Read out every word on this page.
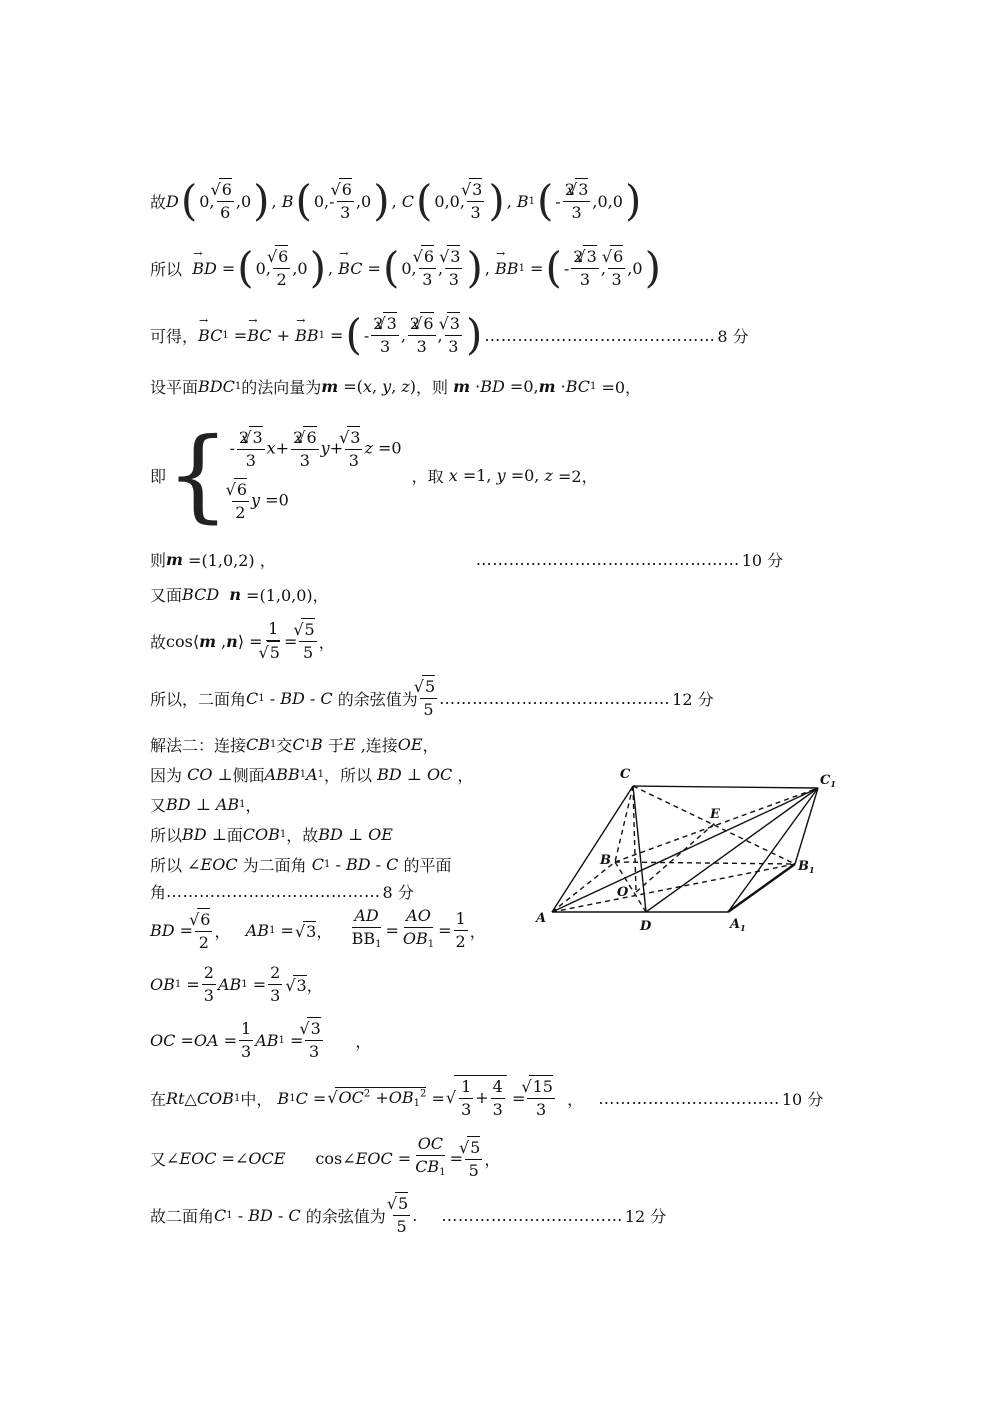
故 D ( 0, √ $\frac{6}{6} ,0$ ) , B ( 0,- √ $\frac{6}{3} ,0$ ) , C ( 0,0, √ $\frac{3}{3}$ ) , B 1 ( - $\frac{2 √ 3}{3} ,0,0$ )
所以
→ BD = ( 0, √ $\frac{6}{2} ,0$ ) , → BC = ( 0, √ $\frac{6}{3}$ , √ $\frac{3}{3}$ ) , → BB 1 = ( - $\frac{2 √ 3}{3}$ , √ $\frac{6}{3} ,0$ )
可得， → BC 1 = → BC + → BB 1 = ( - $\frac{2 √ 3}{3}$ , $\frac{2 √ 6}{3}$ , √ $\frac{3}{3}$ ) …………………………………… 8 分
设平面 BDC 1 的法向量为 m =( x , y , z ) ，则
m · BD =0, m · BC 1 =0，
即 { - $\frac{2 √ 3}{3} x+ \frac{2 √ 6}{3} y+$ √ $\frac{3}{3}$ z =0
√ $\frac{6}{2}$ y =0
，取
x =1, y =0, z =2，
则 m =(1,0,2) ，	………………………………………… 10 分
又面 BCD
n =(1,0,0)，
故 cos⟨ m , n ⟩ = 1
√ 5 = √ $\frac{5}{5}$ ，
所以，二面角 C 1 - BD - C
的余弦值为 √ $\frac{5}{5}$ …………………………………… 12 分
解法二：连接 CB 1 交 C 1 B
于 E
,连接 OE ，
因为
CO ⊥ 侧面 ABB 1 A 1 ，所以
BD ⊥ OC ，
又 BD ⊥ AB 1 ，
所以 BD ⊥ 面 COB 1 ，故 BD ⊥ OE
所以 ∠ EOC
为二面角
C 1 - BD - C
的平面
角 ………………………………… 8 分
BD = √ $\frac{6}{2}$ ， AB 1 = √ 3 ， $\frac{AD}{BB_1} = \frac{AO}{OB_1} = \frac{1}{2}$ ，
OB $1 = \frac{2}{3}$ AB $1 = \frac{2}{3}$ √ 3 ，
OC = OA = $\frac{1}{3}$ AB 1 = √ $\frac{3}{3}$ ，
在 Rt △ COB 1 中，
B 1 C = √ $OC^2 +OB_1^2$ = √ $\frac{1}{3} + \frac{4}{3}$ = √ $\frac{15}{3}$ ， …………………………… 10 分
又 ∠ EOC =∠ OCE cos∠ EOC = $\frac{OC}{CB_1}$ = √ $\frac{5}{5}$ ，
故二面角 C 1 - BD - C
的余弦值为
√ $\frac{5}{5}$ . …………………………… 12 分
C	$C_1$
E
B	$B_1$
O
A
D	$A_1$
